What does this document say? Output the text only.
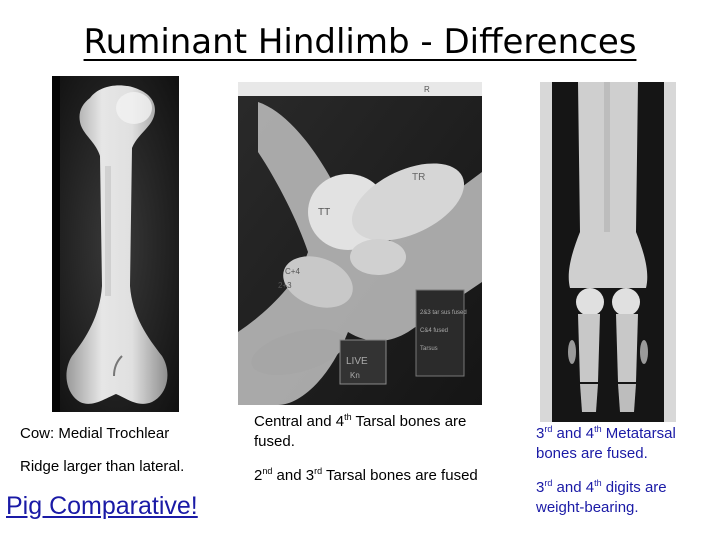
Ruminant Hindlimb - Differences
Cow: Medial Trochlear
Ridge larger than lateral.
Pig Comparative!
R
TT
TR
C+4
2+3
LIVE
Kn
2&3 tar sus fused
C&4 fused
Tarsus
Central and 4th Tarsal bones are fused.
2nd and 3rd Tarsal bones are fused
3rd and 4th Metatarsal bones are fused.
3rd and 4th digits are weight-bearing.
